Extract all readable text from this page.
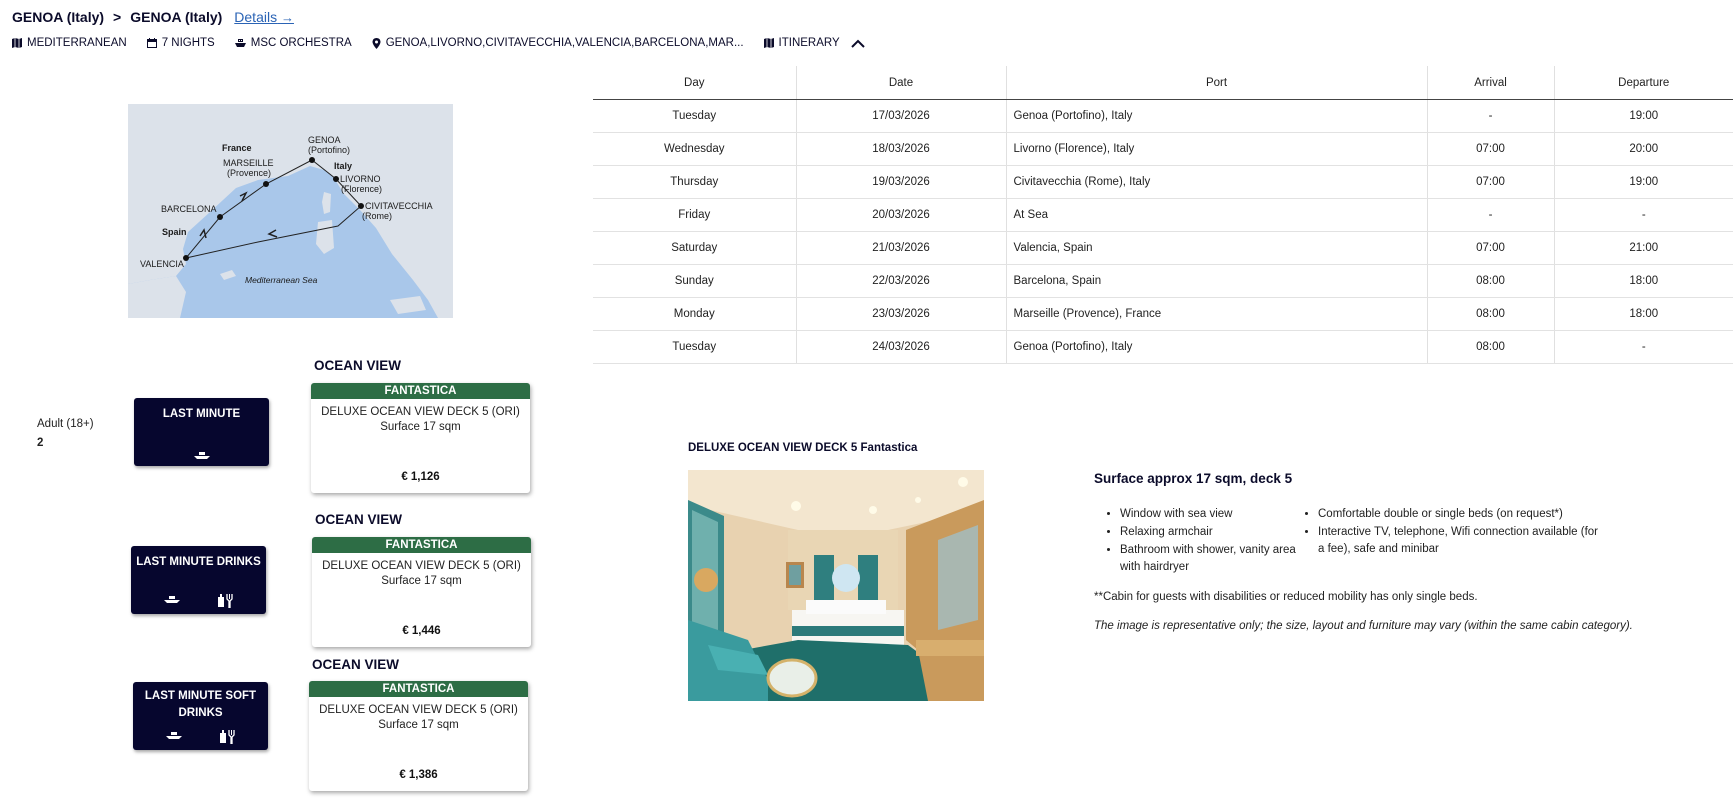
GENOA (Italy) > GENOA (Italy) Details →
MEDITERRANEAN	7 NIGHTS	MSC ORCHESTRA	GENOA,LIVORNO,CIVITAVECCHIA,VALENCIA,BARCELONA,MAR...	ITINERARY
Day	Date	Port	Arrival	Departure
Tuesday	17/03/2026	Genoa (Portofino), Italy	-	19:00
Wednesday	18/03/2026	Livorno (Florence), Italy	07:00	20:00
Thursday	19/03/2026	Civitavecchia (Rome), Italy	07:00	19:00
Friday	20/03/2026	At Sea	-	-
Saturday	21/03/2026	Valencia, Spain	07:00	21:00
Sunday	22/03/2026	Barcelona, Spain	08:00	18:00
Monday	23/03/2026	Marseille (Provence), France	08:00	18:00
Tuesday	24/03/2026	Genoa (Portofino), Italy	08:00	-
France
Italy
Spain
Mediterranean Sea
GENOA
(Portofino)
MARSEILLE
(Provence)
LIVORNO
(Florence)
CIVITAVECCHIA
(Rome)
BARCELONA
VALENCIA
Adult (18+)
2
LAST MINUTE
OCEAN VIEW
FANTASTICA
DELUXE OCEAN VIEW DECK 5 (ORI)
Surface 17 sqm
€ 1,126
LAST MINUTE DRINKS
OCEAN VIEW
FANTASTICA
DELUXE OCEAN VIEW DECK 5 (ORI)
Surface 17 sqm
€ 1,446
LAST MINUTE SOFT
DRINKS
OCEAN VIEW
FANTASTICA
DELUXE OCEAN VIEW DECK 5 (ORI)
Surface 17 sqm
€ 1,386
DELUXE OCEAN VIEW DECK 5 Fantastica
Surface approx 17 sqm, deck 5
• Window with sea view
• Relaxing armchair
• Bathroom with shower, vanity area with hairdryer
• Comfortable double or single beds (on request*)
• Interactive TV, telephone, Wifi connection available (for a fee), safe and minibar
**Cabin for guests with disabilities or reduced mobility has only single beds.
The image is representative only; the size, layout and furniture may vary (within the same cabin category).
